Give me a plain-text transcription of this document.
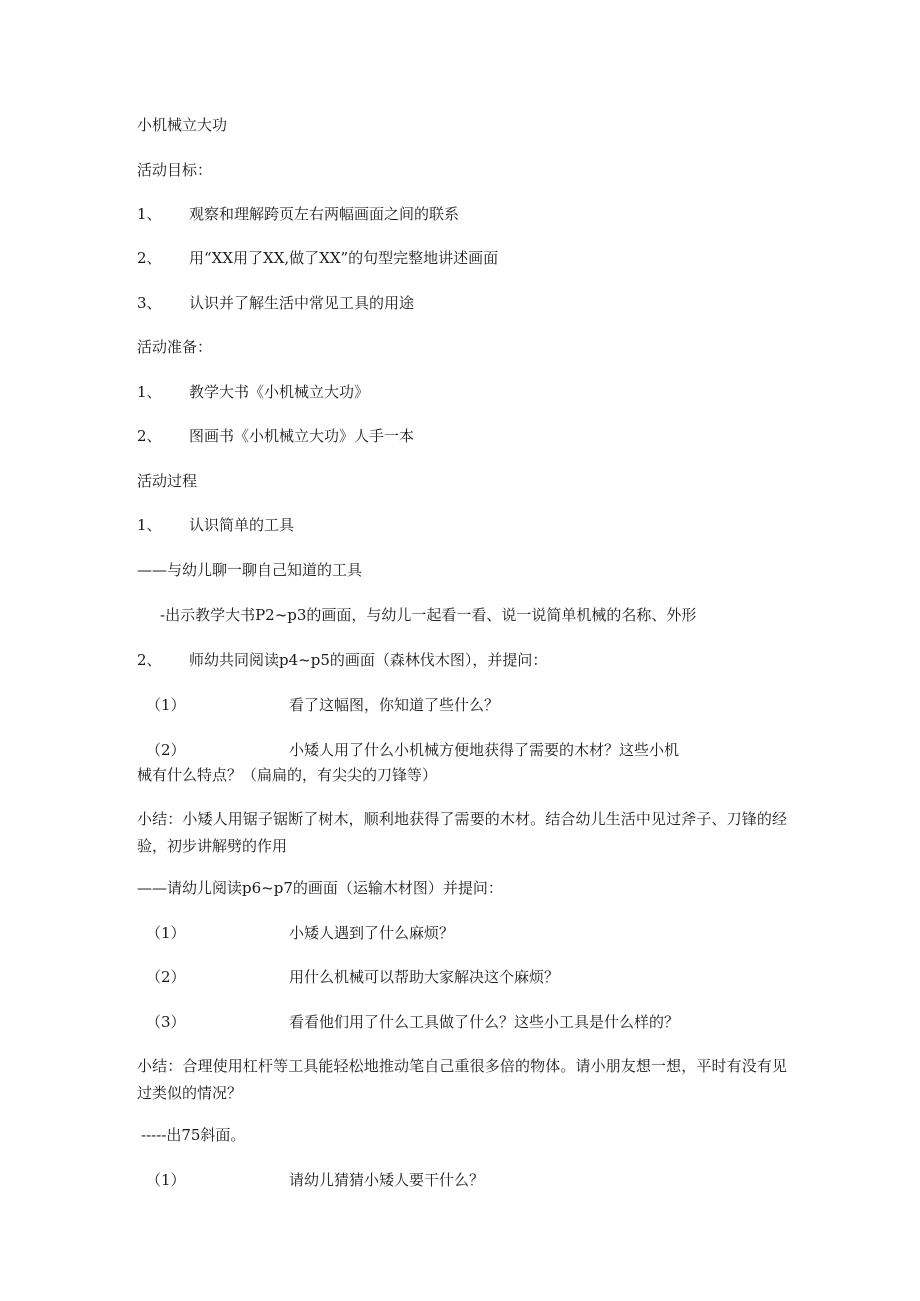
小机械立大功
活动目标：
1、 观察和理解跨页左右两幅画面之间的联系
2、 用“XX用了XX,做了XX”的句型完整地讲述画面
3、 认识并了解生活中常见工具的用途
活动准备：
1、 教学大书《小机械立大功》
2、 图画书《小机械立大功》人手一本
活动过程
1、 认识简单的工具
——与幼儿聊一聊自己知道的工具
-出示教学大书P2~p3的画面，与幼儿一起看一看、说一说简单机械的名称、外形
2、 师幼共同阅读p4~p5的画面（森林伐木图），并提问：
（1）	看了这幅图，你知道了些什么？
（2）	小矮人用了什么小机械方便地获得了需要的木材？这些小机
械有什么特点？（扁扁的，有尖尖的刀锋等）
小结：小矮人用锯子锯断了树木，顺利地获得了需要的木材。结合幼儿生活中见过斧子、刀锋的经验，初步讲解劈的作用
——请幼儿阅读p6~p7的画面（运输木材图）并提问：
（1）	小矮人遇到了什么麻烦？
（2）	用什么机械可以帮助大家解决这个麻烦？
（3）	看看他们用了什么工具做了什么？这些小工具是什么样的？
小结：合理使用杠杆等工具能轻松地推动笔自己重很多倍的物体。请小朋友想一想，平时有没有见过类似的情况？
-----出75斜面。
（1）	请幼儿猜猜小矮人要干什么？
